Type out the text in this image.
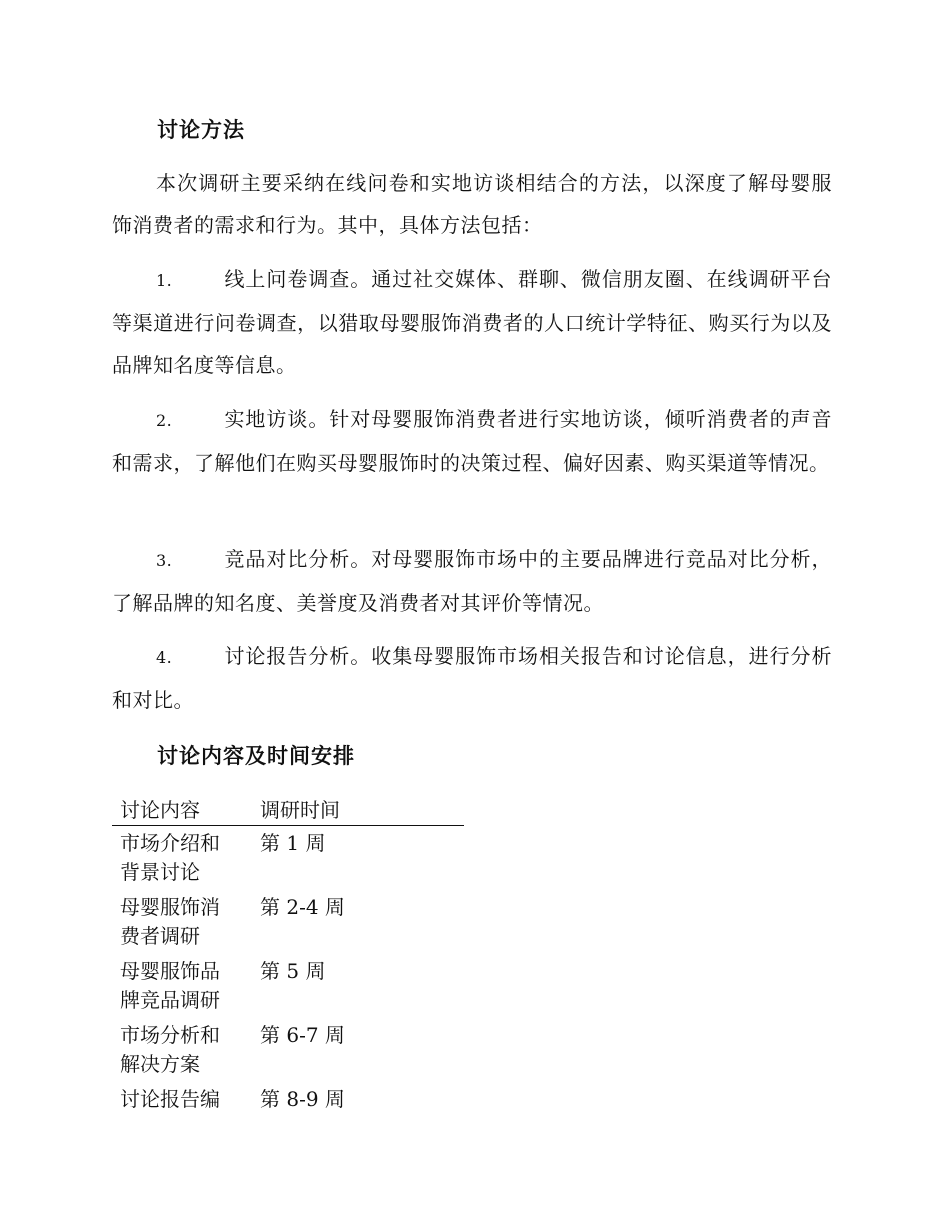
讨论方法
本次调研主要采纳在线问卷和实地访谈相结合的方法，以深度了解母婴服饰消费者的需求和行为。其中，具体方法包括：
1.	线上问卷调查。通过社交媒体、群聊、微信朋友圈、在线调研平台等渠道进行问卷调查，以猎取母婴服饰消费者的人口统计学特征、购买行为以及品牌知名度等信息。
2.	实地访谈。针对母婴服饰消费者进行实地访谈，倾听消费者的声音和需求，了解他们在购买母婴服饰时的决策过程、偏好因素、购买渠道等情况。
3.	竞品对比分析。对母婴服饰市场中的主要品牌进行竞品对比分析，了解品牌的知名度、美誉度及消费者对其评价等情况。
4.	讨论报告分析。收集母婴服饰市场相关报告和讨论信息，进行分析和对比。
讨论内容及时间安排
讨论内容	调研时间

市场介绍和背景讨论	第 1 周

母婴服饰消费者调研	第 2-4 周

母婴服饰品牌竞品调研	第 5 周

市场分析和解决方案	第 6-7 周

讨论报告编	第 8-9 周
